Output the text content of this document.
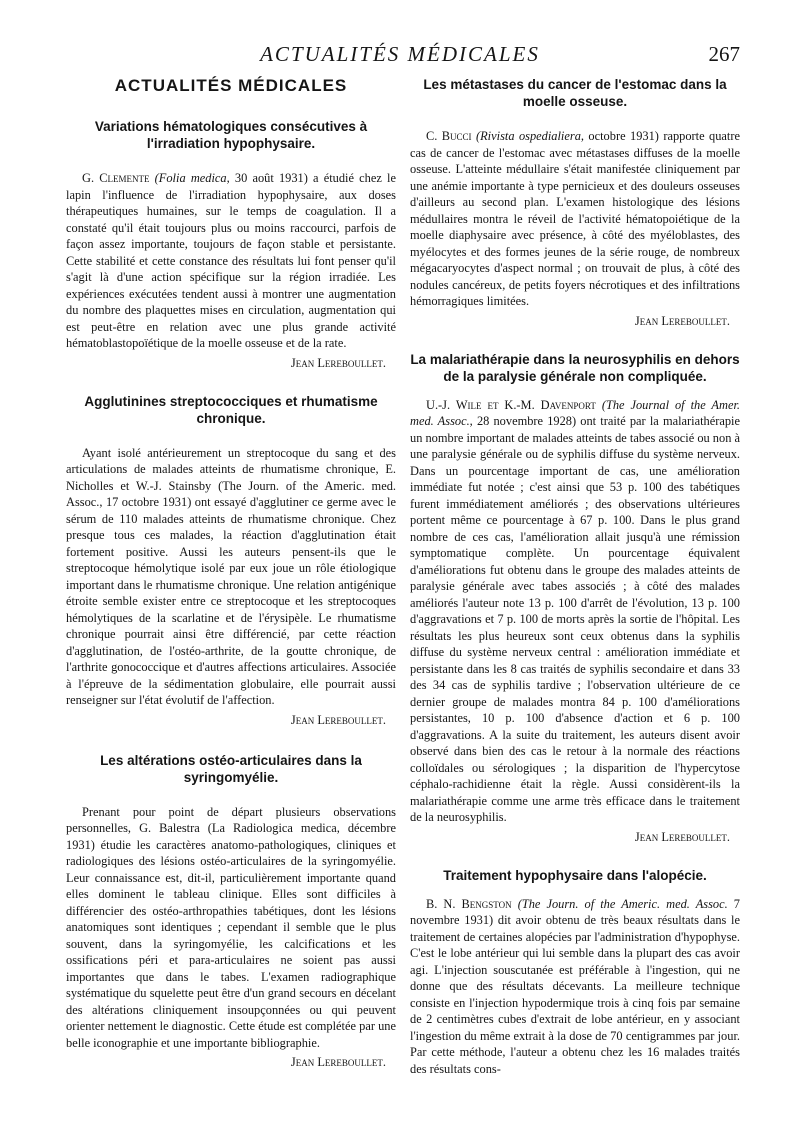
ACTUALITÉS MÉDICALES	267
ACTUALITÉS MÉDICALES
Variations hématologiques consécutives à l'irradiation hypophysaire.

G. Clemente (Folia medica, 30 août 1931) a étudié chez le lapin l'influence de l'irradiation hypophysaire, aux doses thérapeutiques humaines, sur le temps de coagulation. Il a constaté qu'il était toujours plus ou moins raccourci, parfois de façon assez importante, toujours de façon stable et persistante. Cette stabilité et cette constance des résultats lui font penser qu'il s'agit là d'une action spécifique sur la région irradiée. Les expériences exécutées tendent aussi à montrer une augmentation du nombre des plaquettes mises en circulation, augmentation qui est peut-être en relation avec une plus grande activité hématoblastopoïétique de la moelle osseuse et de la rate.

Jean Lereboullet.

Agglutinines streptococciques et rhumatisme chronique.

Ayant isolé antérieurement un streptocoque du sang et des articulations de malades atteints de rhumatisme chronique, E. Nicholles et W.-J. Stainsby (The Journ. of the Americ. med. Assoc., 17 octobre 1931) ont essayé d'agglutiner ce germe avec le sérum de 110 malades atteints de rhumatisme chronique. Chez presque tous ces malades, la réaction d'agglutination était fortement positive. Aussi les auteurs pensent-ils que le streptocoque hémolytique isolé par eux joue un rôle étiologique important dans le rhumatisme chronique. Une relation antigénique étroite semble exister entre ce streptocoque et les streptocoques hémolytiques de la scarlatine et de l'érysipèle. Le rhumatisme chronique pourrait ainsi être différencié, par cette réaction d'agglutination, de l'ostéo-arthrite, de la goutte chronique, de l'arthrite gonococcique et d'autres affections articulaires. Associée à l'épreuve de la sédimentation globulaire, elle pourrait aussi renseigner sur l'état évolutif de l'affection.

Jean Lereboullet.

Les altérations ostéo-articulaires dans la syringomyélie.

Prenant pour point de départ plusieurs observations personnelles, G. Balestra (La Radiologica medica, décembre 1931) étudie les caractères anatomo-pathologiques, cliniques et radiologiques des lésions ostéo-articulaires de la syringomyélie. Leur connaissance est, dit-il, particulièrement importante quand elles dominent le tableau clinique. Elles sont difficiles à différencier des ostéo-arthropathies tabétiques, dont les lésions anatomiques sont identiques ; cependant il semble que le plus souvent, dans la syringomyélie, les calcifications et les ossifications péri et para-articulaires ne soient pas aussi importantes que dans le tabes. L'examen radiographique systématique du squelette peut être d'un grand secours en décelant des altérations cliniquement insoupçonnées ou qui peuvent orienter nettement le diagnostic. Cette étude est complétée par une belle iconographie et une importante bibliographie.

Jean Lereboullet.

Les métastases du cancer de l'estomac dans la moelle osseuse.

C. Bucci (Rivista ospedialiera, octobre 1931) rapporte quatre cas de cancer de l'estomac avec métastases diffuses de la moelle osseuse. L'atteinte médullaire s'était manifestée cliniquement par une anémie importante à type pernicieux et des douleurs osseuses d'ailleurs au second plan. L'examen histologique des lésions médullaires montra le réveil de l'activité hématopoiétique de la moelle diaphysaire avec présence, à côté des myéloblastes, des myélocytes et des formes jeunes de la série rouge, de nombreux mégacaryocytes d'aspect normal ; on trouvait de plus, à côté des nodules cancéreux, de petits foyers nécrotiques et des infiltrations hémorragiques limitées.

Jean Lereboullet.

La malariathérapie dans la neurosyphilis en dehors de la paralysie générale non compliquée.

U.-J. Wile et K.-M. Davenport (The Journal of the Amer. med. Assoc., 28 novembre 1928) ont traité par la malariathérapie un nombre important de malades atteints de tabes associé ou non à une paralysie générale ou de syphilis diffuse du système nerveux. Dans un pourcentage important de cas, une amélioration immédiate fut notée ; c'est ainsi que 53 p. 100 des tabétiques furent immédiatement améliorés ; des observations ultérieures portent même ce pourcentage à 67 p. 100. Dans le plus grand nombre de ces cas, l'amélioration allait jusqu'à une rémission symptomatique complète. Un pourcentage équivalent d'améliorations fut obtenu dans le groupe des malades atteints de paralysie générale avec tabes associés ; à côté des malades améliorés l'auteur note 13 p. 100 d'arrêt de l'évolution, 13 p. 100 d'aggravations et 7 p. 100 de morts après la sortie de l'hôpital. Les résultats les plus heureux sont ceux obtenus dans la syphilis diffuse du système nerveux central : amélioration immédiate et persistante dans les 8 cas traités de syphilis secondaire et dans 33 des 34 cas de syphilis tardive ; l'observation ultérieure de ce dernier groupe de malades montra 84 p. 100 d'améliorations persistantes, 10 p. 100 d'absence d'action et 6 p. 100 d'aggravations. A la suite du traitement, les auteurs disent avoir observé dans bien des cas le retour à la normale des réactions colloïdales ou sérologiques ; la disparition de l'hypercytose céphalo-rachidienne était la règle. Aussi considèrent-ils la malariathérapie comme une arme très efficace dans le traitement de la neurosyphilis.

Jean Lereboullet.

Traitement hypophysaire dans l'alopécie.

B. N. Bengston (The Journ. of the Americ. med. Assoc. 7 novembre 1931) dit avoir obtenu de très beaux résultats dans le traitement de certaines alopécies par l'administration d'hypophyse. C'est le lobe antérieur qui lui semble dans la plupart des cas avoir agi. L'injection souscutanée est préférable à l'ingestion, qui ne donne que des résultats décevants. La meilleure technique consiste en l'injection hypodermique trois à cinq fois par semaine de 2 centimètres cubes d'extrait de lobe antérieur, en y associant l'ingestion du même extrait à la dose de 70 centigrammes par jour. Par cette méthode, l'auteur a obtenu chez les 16 malades traités des résultats cons-
